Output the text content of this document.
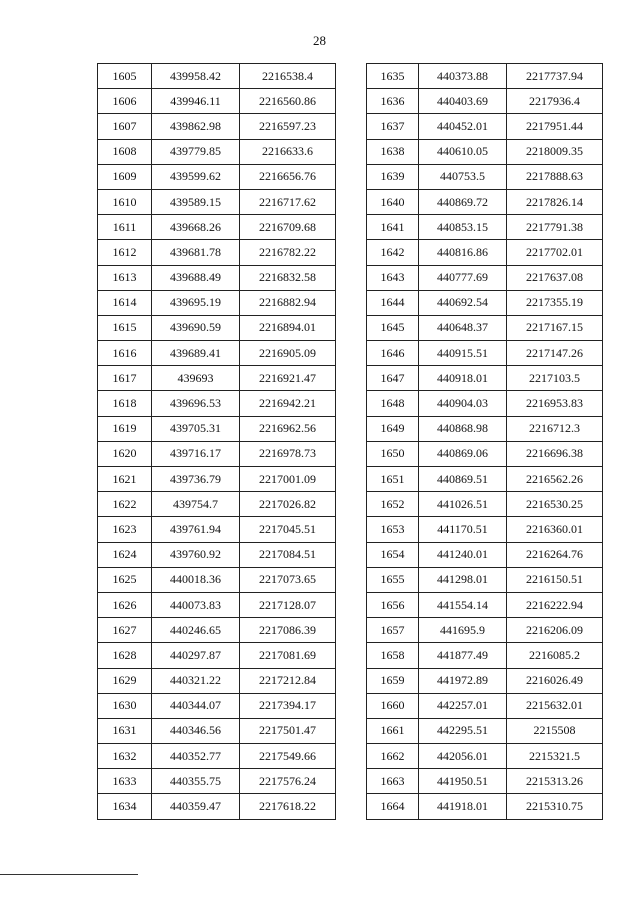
28
1605	439958.42	2216538.4
1606	439946.11	2216560.86
1607	439862.98	2216597.23
1608	439779.85	2216633.6
1609	439599.62	2216656.76
1610	439589.15	2216717.62
1611	439668.26	2216709.68
1612	439681.78	2216782.22
1613	439688.49	2216832.58
1614	439695.19	2216882.94
1615	439690.59	2216894.01
1616	439689.41	2216905.09
1617	439693	2216921.47
1618	439696.53	2216942.21
1619	439705.31	2216962.56
1620	439716.17	2216978.73
1621	439736.79	2217001.09
1622	439754.7	2217026.82
1623	439761.94	2217045.51
1624	439760.92	2217084.51
1625	440018.36	2217073.65
1626	440073.83	2217128.07
1627	440246.65	2217086.39
1628	440297.87	2217081.69
1629	440321.22	2217212.84
1630	440344.07	2217394.17
1631	440346.56	2217501.47
1632	440352.77	2217549.66
1633	440355.75	2217576.24
1634	440359.47	2217618.22
1635	440373.88	2217737.94
1636	440403.69	2217936.4
1637	440452.01	2217951.44
1638	440610.05	2218009.35
1639	440753.5	2217888.63
1640	440869.72	2217826.14
1641	440853.15	2217791.38
1642	440816.86	2217702.01
1643	440777.69	2217637.08
1644	440692.54	2217355.19
1645	440648.37	2217167.15
1646	440915.51	2217147.26
1647	440918.01	2217103.5
1648	440904.03	2216953.83
1649	440868.98	2216712.3
1650	440869.06	2216696.38
1651	440869.51	2216562.26
1652	441026.51	2216530.25
1653	441170.51	2216360.01
1654	441240.01	2216264.76
1655	441298.01	2216150.51
1656	441554.14	2216222.94
1657	441695.9	2216206.09
1658	441877.49	2216085.2
1659	441972.89	2216026.49
1660	442257.01	2215632.01
1661	442295.51	2215508
1662	442056.01	2215321.5
1663	441950.51	2215313.26
1664	441918.01	2215310.75
